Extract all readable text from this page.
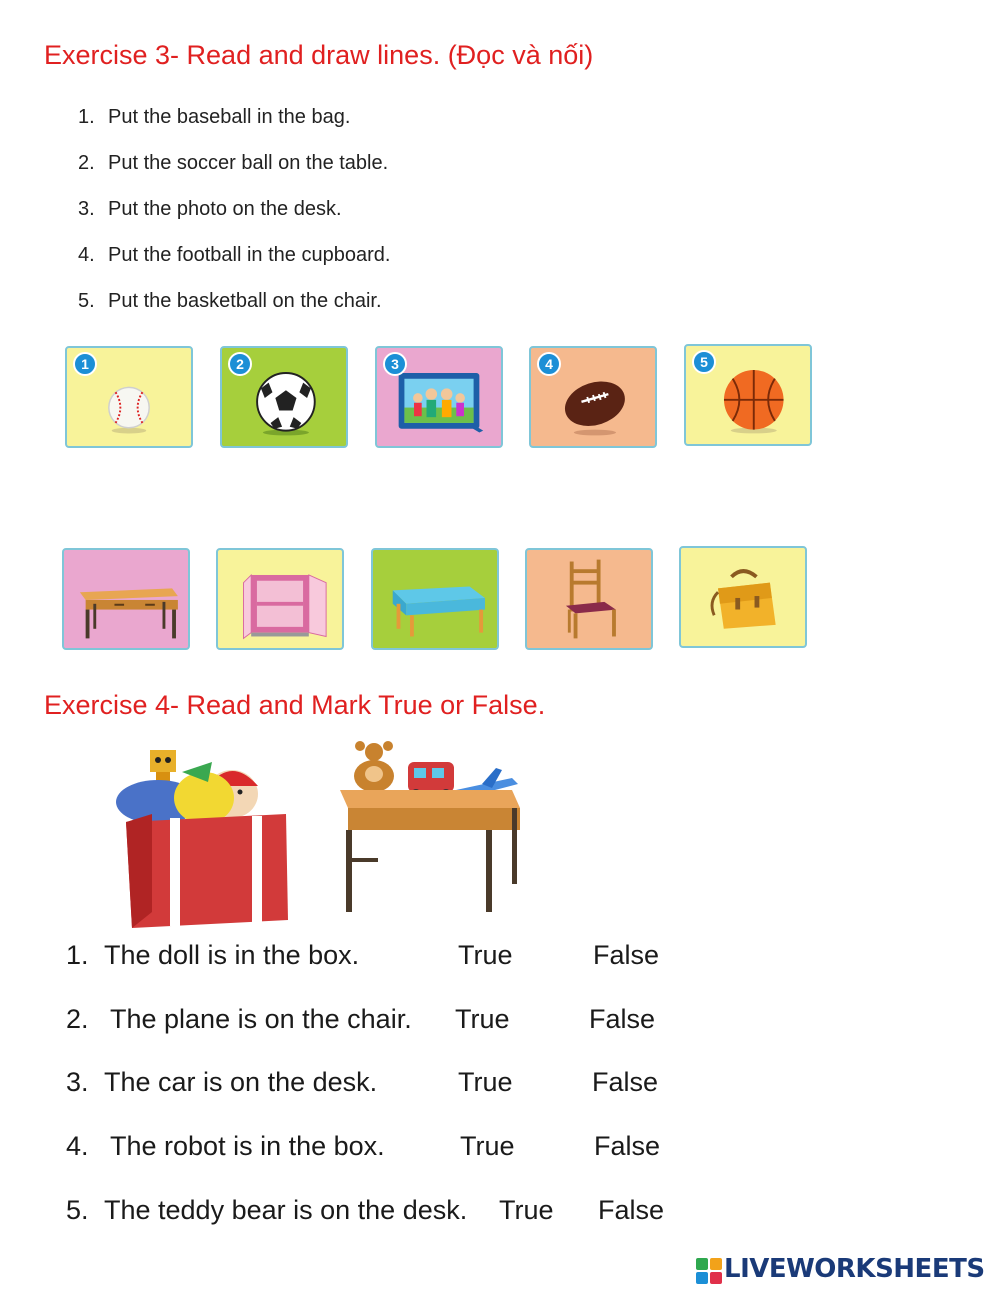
Exercise 3- Read and draw lines. (Đọc và nối)
1. Put the baseball in the bag.
2. Put the soccer ball on the table.
3. Put the photo on the desk.
4. Put the football in the cupboard.
5. Put the basketball on the chair.
1	2	3	4	5
Exercise 4- Read and Mark True or False.
1. The doll is in the box.	True	False
2. The plane is on the chair. True	False
3. The car is on the desk.	True	False
4. The robot is in the box.	True	False
5. The teddy bear is on the desk. True False
LIVEWORKSHEETS
